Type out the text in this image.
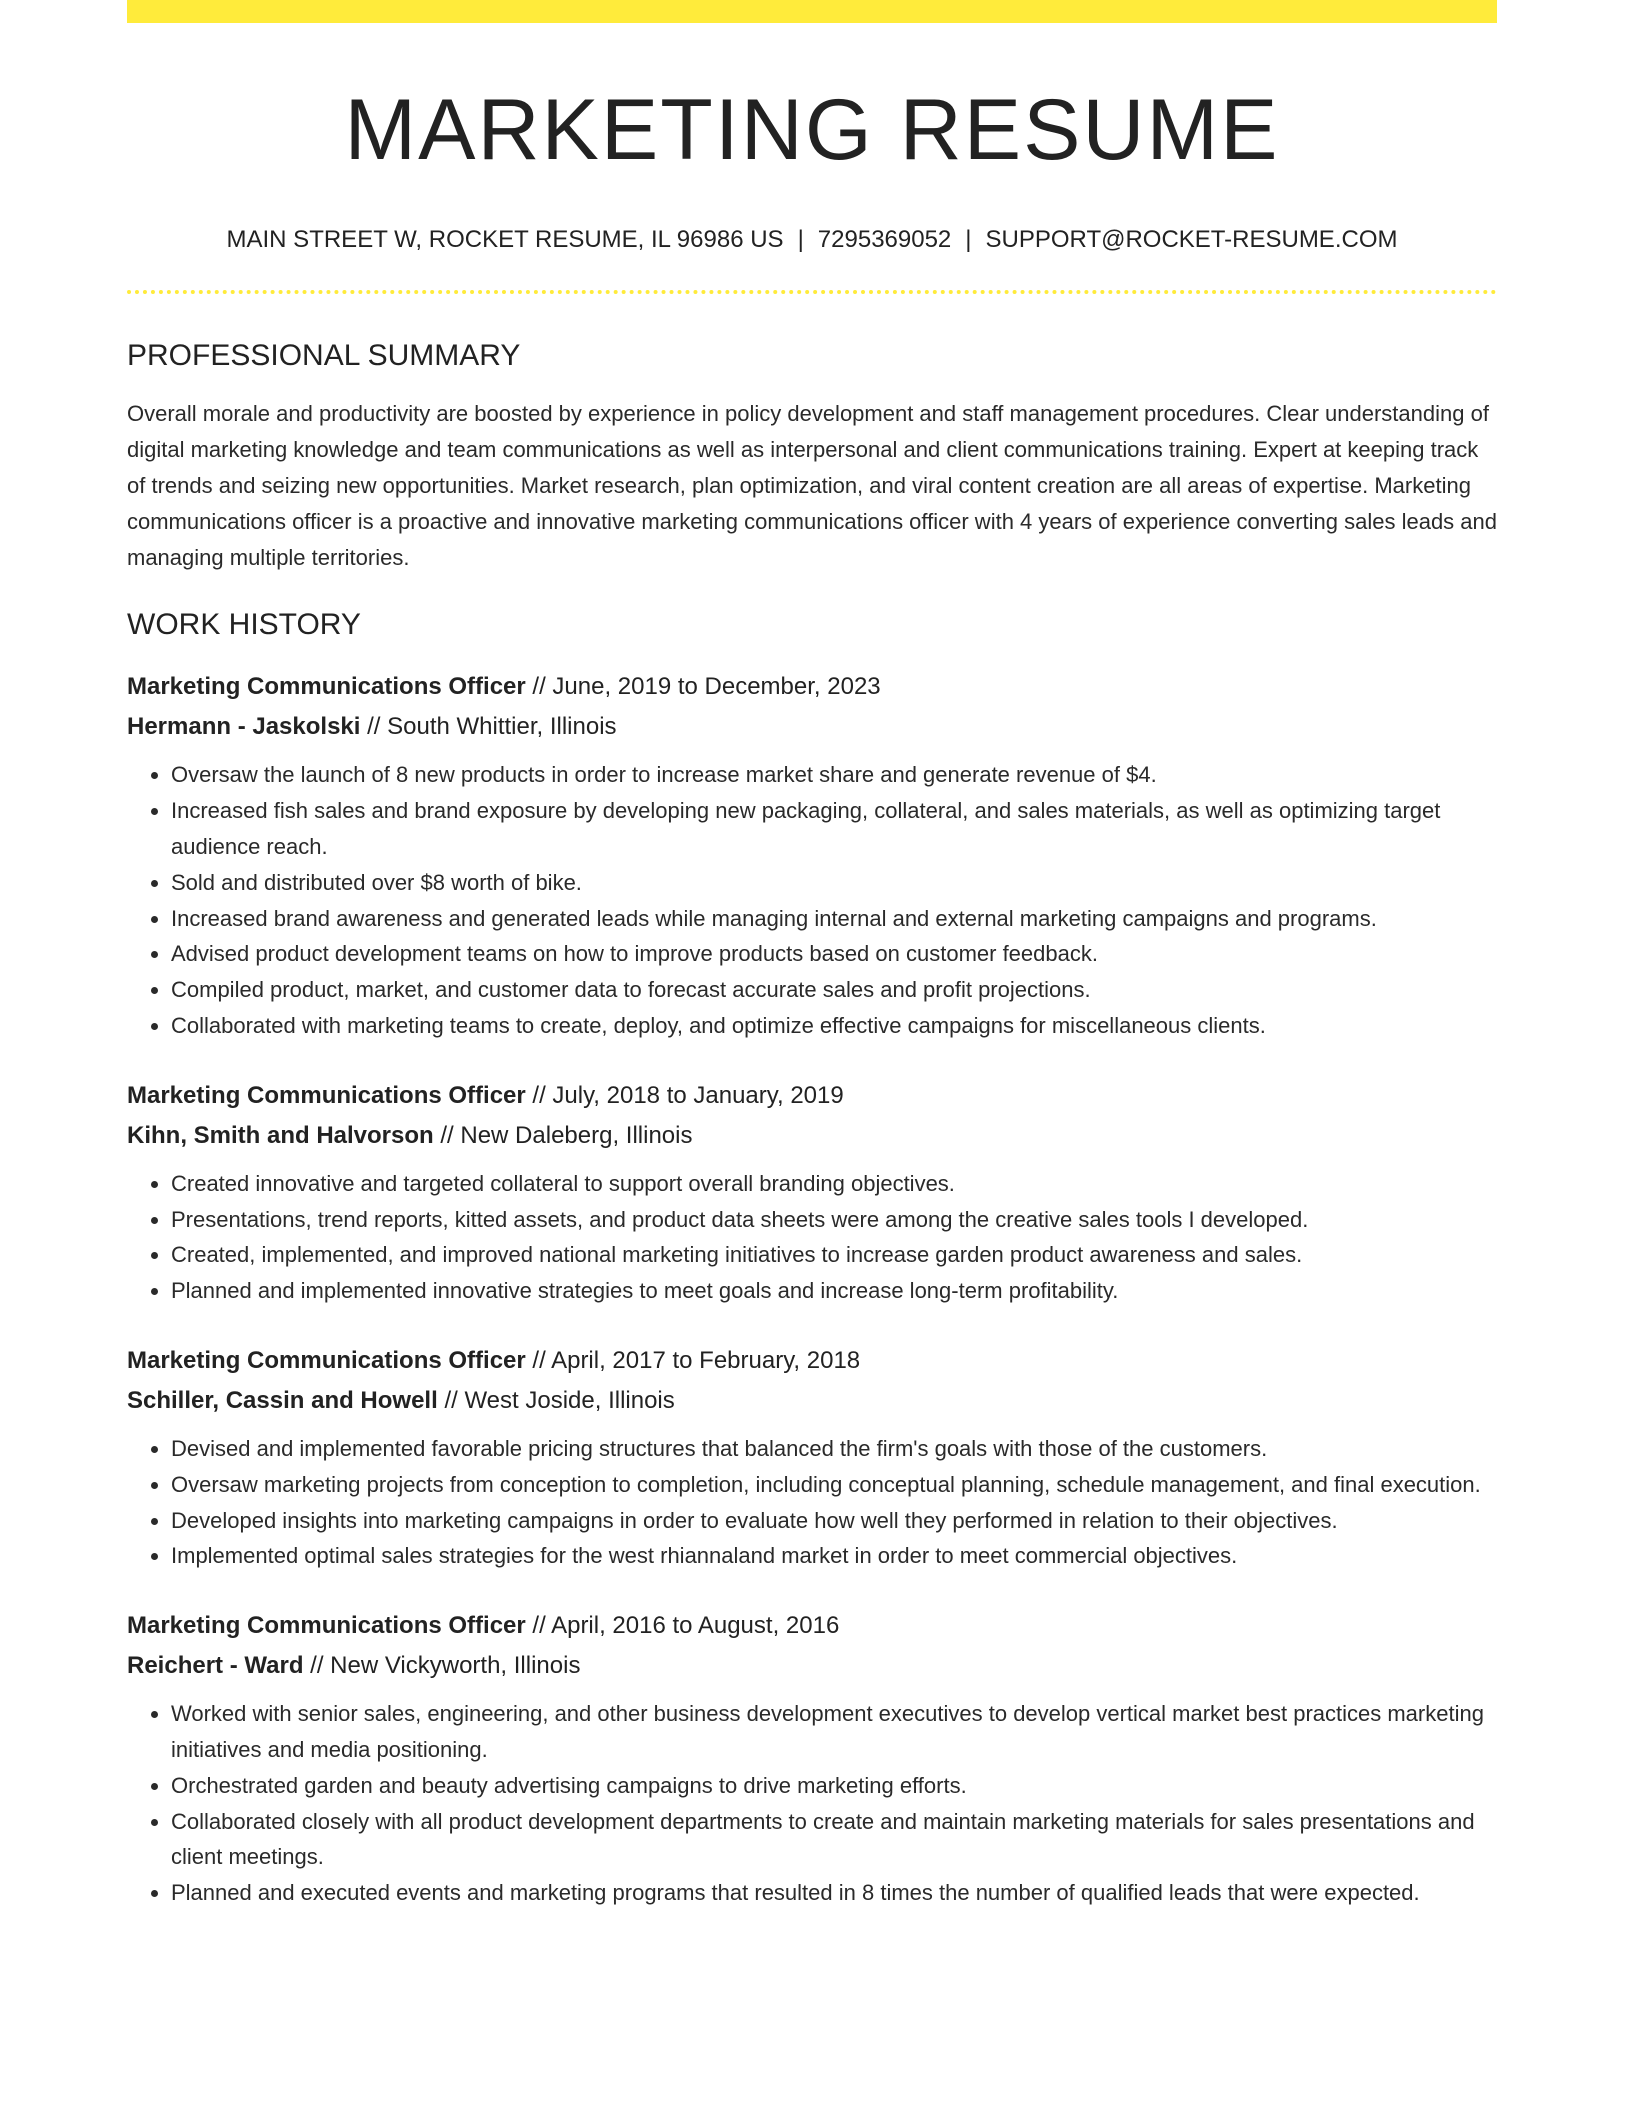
MARKETING RESUME
MAIN STREET W, ROCKET RESUME, IL 96986 US | 7295369052 | SUPPORT@ROCKET-RESUME.COM
PROFESSIONAL SUMMARY

Overall morale and productivity are boosted by experience in policy development and staff management procedures. Clear understanding of digital marketing knowledge and team communications as well as interpersonal and client communications training. Expert at keeping track of trends and seizing new opportunities. Market research, plan optimization, and viral content creation are all areas of expertise. Marketing communications officer is a proactive and innovative marketing communications officer with 4 years of experience converting sales leads and managing multiple territories.

WORK HISTORY
Marketing Communications Officer // June, 2019 to December, 2023
Hermann - Jaskolski // South Whittier, Illinois
• Oversaw the launch of 8 new products in order to increase market share and generate revenue of $4.
• Increased fish sales and brand exposure by developing new packaging, collateral, and sales materials, as well as optimizing target audience reach.
• Sold and distributed over $8 worth of bike.
• Increased brand awareness and generated leads while managing internal and external marketing campaigns and programs.
• Advised product development teams on how to improve products based on customer feedback.
• Compiled product, market, and customer data to forecast accurate sales and profit projections.
• Collaborated with marketing teams to create, deploy, and optimize effective campaigns for miscellaneous clients.
Marketing Communications Officer // July, 2018 to January, 2019
Kihn, Smith and Halvorson // New Daleberg, Illinois
• Created innovative and targeted collateral to support overall branding objectives.
• Presentations, trend reports, kitted assets, and product data sheets were among the creative sales tools I developed.
• Created, implemented, and improved national marketing initiatives to increase garden product awareness and sales.
• Planned and implemented innovative strategies to meet goals and increase long-term profitability.
Marketing Communications Officer // April, 2017 to February, 2018
Schiller, Cassin and Howell // West Joside, Illinois
• Devised and implemented favorable pricing structures that balanced the firm's goals with those of the customers.
• Oversaw marketing projects from conception to completion, including conceptual planning, schedule management, and final execution.
• Developed insights into marketing campaigns in order to evaluate how well they performed in relation to their objectives.
• Implemented optimal sales strategies for the west rhiannaland market in order to meet commercial objectives.
Marketing Communications Officer // April, 2016 to August, 2016
Reichert - Ward // New Vickyworth, Illinois
• Worked with senior sales, engineering, and other business development executives to develop vertical market best practices marketing initiatives and media positioning.
• Orchestrated garden and beauty advertising campaigns to drive marketing efforts.
• Collaborated closely with all product development departments to create and maintain marketing materials for sales presentations and client meetings.
• Planned and executed events and marketing programs that resulted in 8 times the number of qualified leads that were expected.
